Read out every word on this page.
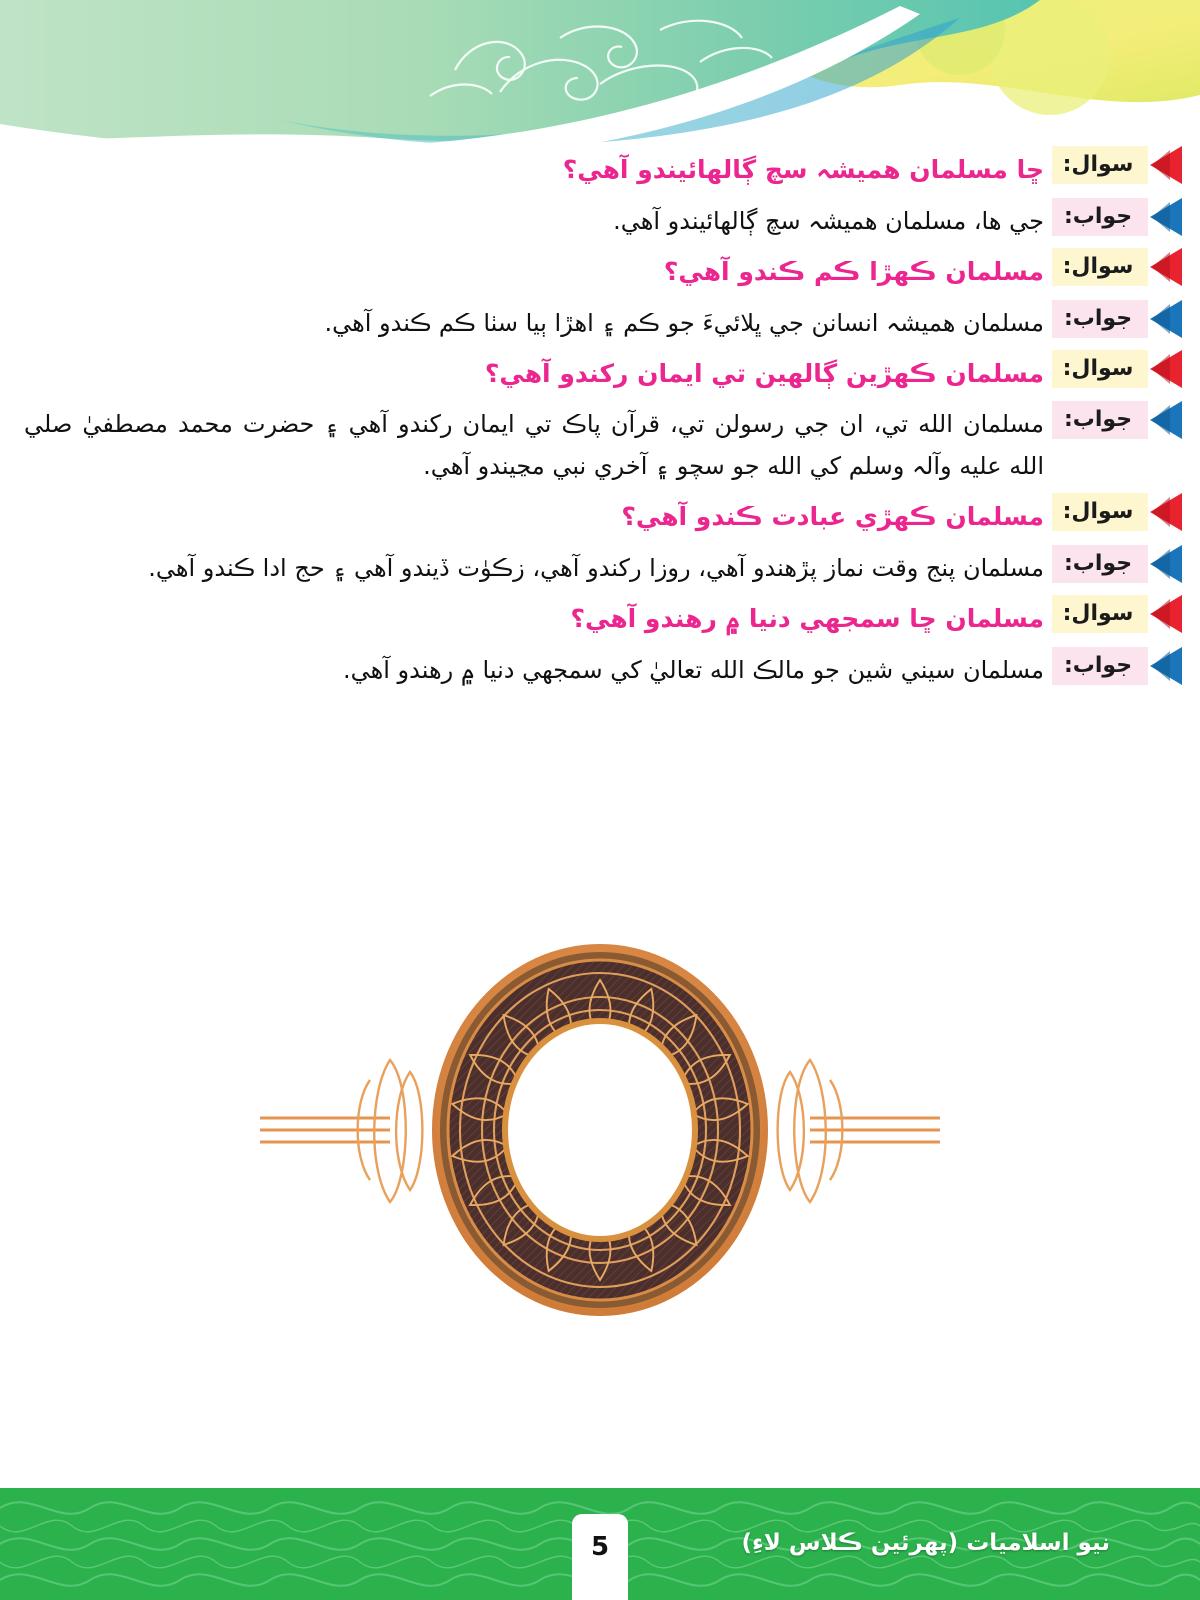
سوال:
ڇا مسلمان هميشہ سچ ڳالهائيندو آهي؟
جواب:
جي ها، مسلمان هميشہ سچ ڳالهائيندو آهي.
سوال:
مسلمان ڪهڙا ڪم ڪندو آهي؟
جواب:
مسلمان هميشہ انسانن جي ڀلائيءَ جو ڪم ۽ اهڙا ٻيا سٺا ڪم ڪندو آهي.
سوال:
مسلمان ڪهڙين ڳالهين تي ايمان رکندو آهي؟
جواب:
مسلمان الله تي، ان جي رسولن تي، قرآن پاڪ تي ايمان رکندو آهي ۽ حضرت محمد مصطفيٰ صلي الله عليه وآلہ وسلم کي الله جو سچو ۽ آخري نبي مڃيندو آهي.
سوال:
مسلمان ڪهڙي عبادت ڪندو آهي؟
جواب:
مسلمان پنج وقت نماز پڙهندو آهي، روزا رکندو آهي، زڪوٰت ڏيندو آهي ۽ حج ادا ڪندو آهي.
سوال:
مسلمان ڇا سمجهي دنيا ۾ رهندو آهي؟
جواب:
مسلمان سيني شين جو مالڪ الله تعاليٰ کي سمجهي دنيا ۾ رهندو آهي.
نيو اسلاميات (پهرئين ڪلاس لاءِ)
5
